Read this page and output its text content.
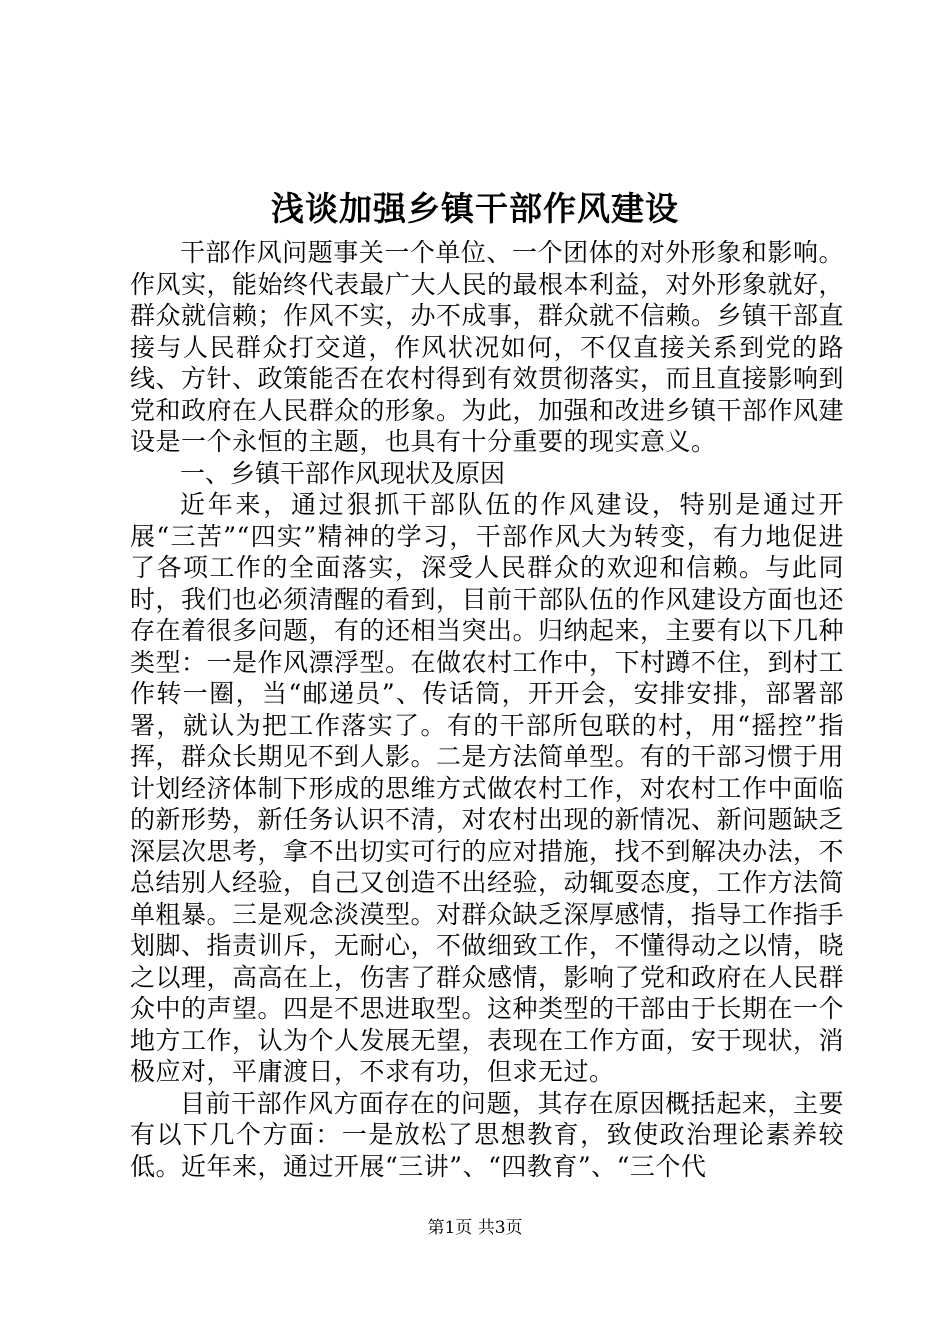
浅谈加强乡镇干部作风建设

干部作风问题事关一个单位、一个团体的对外形象和影响。作风实，能始终代表最广大人民的最根本利益，对外形象就好，群众就信赖；作风不实，办不成事，群众就不信赖。乡镇干部直接与人民群众打交道，作风状况如何，不仅直接关系到党的路线、方针、政策能否在农村得到有效贯彻落实，而且直接影响到党和政府在人民群众的形象。为此，加强和改进乡镇干部作风建设是一个永恒的主题，也具有十分重要的现实意义。

一、乡镇干部作风现状及原因

近年来，通过狠抓干部队伍的作风建设，特别是通过开展“三苦”“四实”精神的学习，干部作风大为转变，有力地促进了各项工作的全面落实，深受人民群众的欢迎和信赖。与此同时，我们也必须清醒的看到，目前干部队伍的作风建设方面也还存在着很多问题，有的还相当突出。归纳起来，主要有以下几种类型：一是作风漂浮型。在做农村工作中，下村蹲不住，到村工作转一圈，当“邮递员”、传话筒，开开会，安排安排，部署部署，就认为把工作落实了。有的干部所包联的村，用“摇控”指挥，群众长期见不到人影。二是方法简单型。有的干部习惯于用计划经济体制下形成的思维方式做农村工作，对农村工作中面临的新形势，新任务认识不清，对农村出现的新情况、新问题缺乏深层次思考，拿不出切实可行的应对措施，找不到解决办法，不总结别人经验，自己又创造不出经验，动辄耍态度，工作方法简单粗暴。三是观念淡漠型。对群众缺乏深厚感情，指导工作指手划脚、指责训斥，无耐心，不做细致工作，不懂得动之以情，晓之以理，高高在上，伤害了群众感情，影响了党和政府在人民群众中的声望。四是不思进取型。这种类型的干部由于长期在一个地方工作，认为个人发展无望，表现在工作方面，安于现状，消极应对，平庸渡日，不求有功，但求无过。

目前干部作风方面存在的问题，其存在原因概括起来，主要有以下几个方面：一是放松了思想教育，致使政治理论素养较低。近年来，通过开展“三讲”、“四教育”、“三个代

第1页 共3页
